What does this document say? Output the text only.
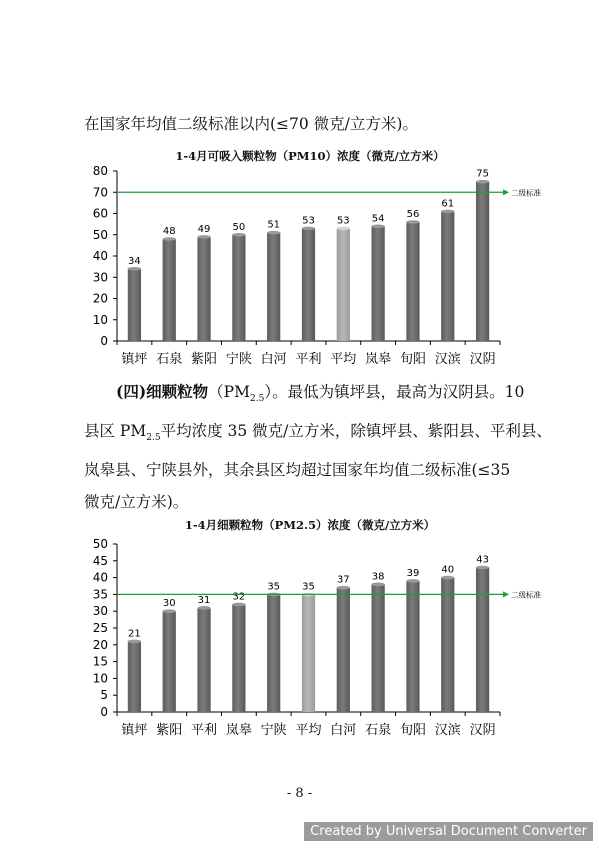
在国家年均值二级标准以内(≤70 微克/立方米)。

1-4月可吸入颗粒物（PM10）浓度（微克/立方米）
0
10
20
30
40
50
60
70
80
34
镇坪
48
石泉
49
紫阳
50
宁陕
51
白河
53
平利
53
平均
54
岚皋
56
旬阳
61
汉滨
75
汉阴
二级标准

(四)细颗粒物$(PM_{2.5})$。最低为镇坪县，最高为汉阴县。10
县区 $PM_{2.5}$平均浓度 35 微克/立方米，除镇坪县、紫阳县、平利县、
岚皋县、宁陕县外，其余县区均超过国家年均值二级标准(≤35
微克/立方米)。

1-4月细颗粒物（PM2.5）浓度（微克/立方米）
0
5
10
15
20
25
30
35
40
45
50
21
镇坪
30
紫阳
31
平利
32
岚皋
35
宁陕
35
平均
37
白河
38
石泉
39
旬阳
40
汉滨
43
汉阴
二级标准
- 8 -
Created by Universal Document Converter
